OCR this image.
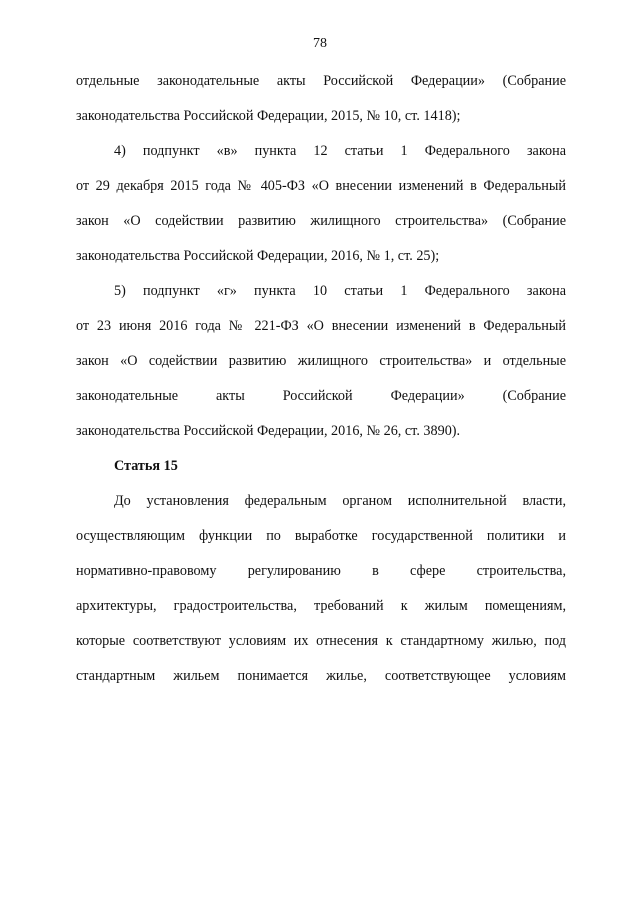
78
отдельные законодательные акты Российской Федерации» (Собрание
законодательства Российской Федерации, 2015, № 10, ст. 1418);
4) подпункт «в» пункта 12 статьи 1 Федерального закона
от 29 декабря 2015 года № 405-ФЗ «О внесении изменений в Федеральный
закон «О содействии развитию жилищного строительства» (Собрание
законодательства Российской Федерации, 2016, № 1, ст. 25);
5) подпункт «г» пункта 10 статьи 1 Федерального закона
от 23 июня 2016 года № 221-ФЗ «О внесении изменений в Федеральный
закон «О содействии развитию жилищного строительства» и отдельные
законодательные акты Российской Федерации» (Собрание
законодательства Российской Федерации, 2016, № 26, ст. 3890).
Статья 15
До установления федеральным органом исполнительной власти,
осуществляющим функции по выработке государственной политики и
нормативно-правовому регулированию в сфере строительства,
архитектуры, градостроительства, требований к жилым помещениям,
которые соответствуют условиям их отнесения к стандартному жилью, под
стандартным жильем понимается жилье, соответствующее условиям
